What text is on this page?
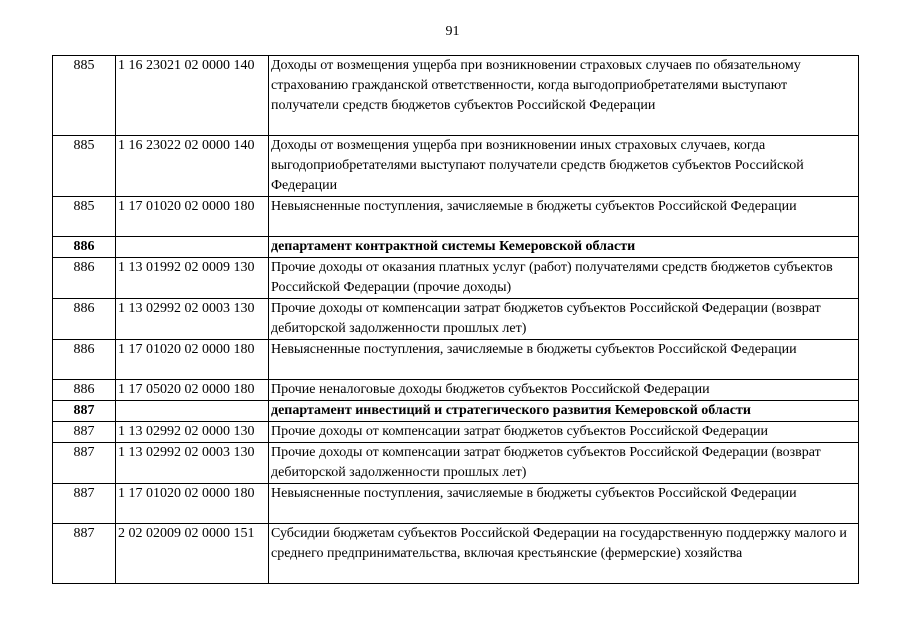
91
885	1 16 23021 02 0000 140	Доходы от возмещения ущерба при возникновении страховых случаев по обязательному страхованию гражданской ответственности, когда выгодоприобретателями выступают получатели средств бюджетов субъектов Российской Федерации
885	1 16 23022 02 0000 140	Доходы от возмещения ущерба при возникновении иных страховых случаев, когда выгодоприобретателями выступают получатели средств бюджетов субъектов Российской Федерации
885	1 17 01020 02 0000 180	Невыясненные поступления, зачисляемые в бюджеты субъектов Российской Федерации
886		департамент контрактной системы Кемеровской области
886	1 13 01992 02 0009 130	Прочие доходы от оказания платных услуг (работ) получателями средств бюджетов субъектов Российской Федерации (прочие доходы)
886	1 13 02992 02 0003 130	Прочие доходы от компенсации затрат бюджетов субъектов Российской Федерации (возврат дебиторской задолженности прошлых лет)
886	1 17 01020 02 0000 180	Невыясненные поступления, зачисляемые в бюджеты субъектов Российской Федерации
886	1 17 05020 02 0000 180	Прочие неналоговые доходы бюджетов субъектов Российской Федерации
887		департамент инвестиций и стратегического развития Кемеровской области
887	1 13 02992 02 0000 130	Прочие доходы от компенсации затрат бюджетов субъектов Российской Федерации
887	1 13 02992 02 0003 130	Прочие доходы от компенсации затрат бюджетов субъектов Российской Федерации (возврат дебиторской задолженности прошлых лет)
887	1 17 01020 02 0000 180	Невыясненные поступления, зачисляемые в бюджеты субъектов Российской Федерации
887	2 02 02009 02 0000 151	Субсидии бюджетам субъектов Российской Федерации на государственную поддержку малого и среднего предпринимательства, включая крестьянские (фермерские) хозяйства
